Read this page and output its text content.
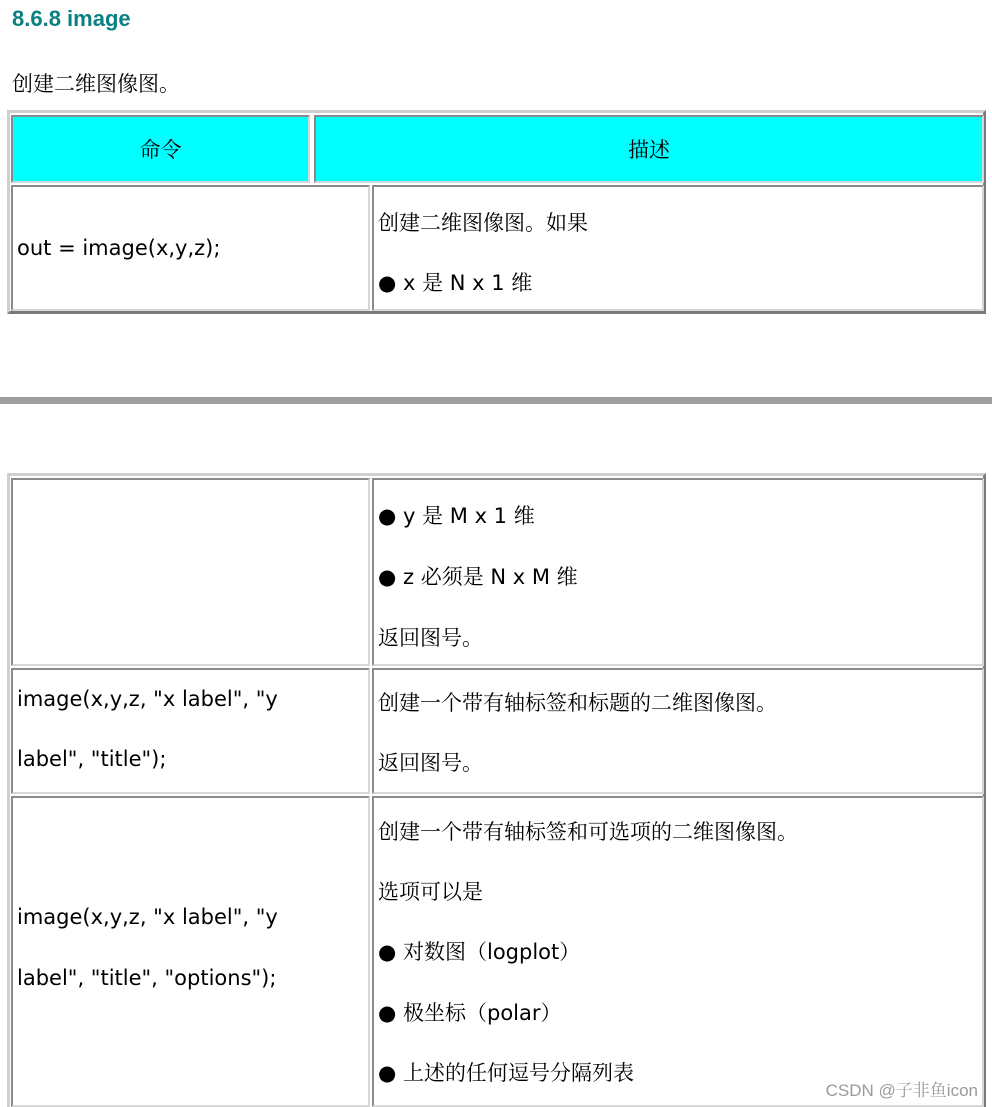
8.6.8 image
创建二维图像图。
命令	描述
out = image(x,y,z);
创建二维图像图。如果
● x 是 N x 1 维
● y 是 M x 1 维
● z 必须是 N x M 维
返回图号。
image(x,y,z, "x label", "y
label", "title");
创建一个带有轴标签和标题的二维图像图。
返回图号。
image(x,y,z, "x label", "y
label", "title", "options");
创建一个带有轴标签和可选项的二维图像图。
选项可以是
● 对数图（logplot）
● 极坐标（polar）
● 上述的任何逗号分隔列表
CSDN @子非鱼icon
